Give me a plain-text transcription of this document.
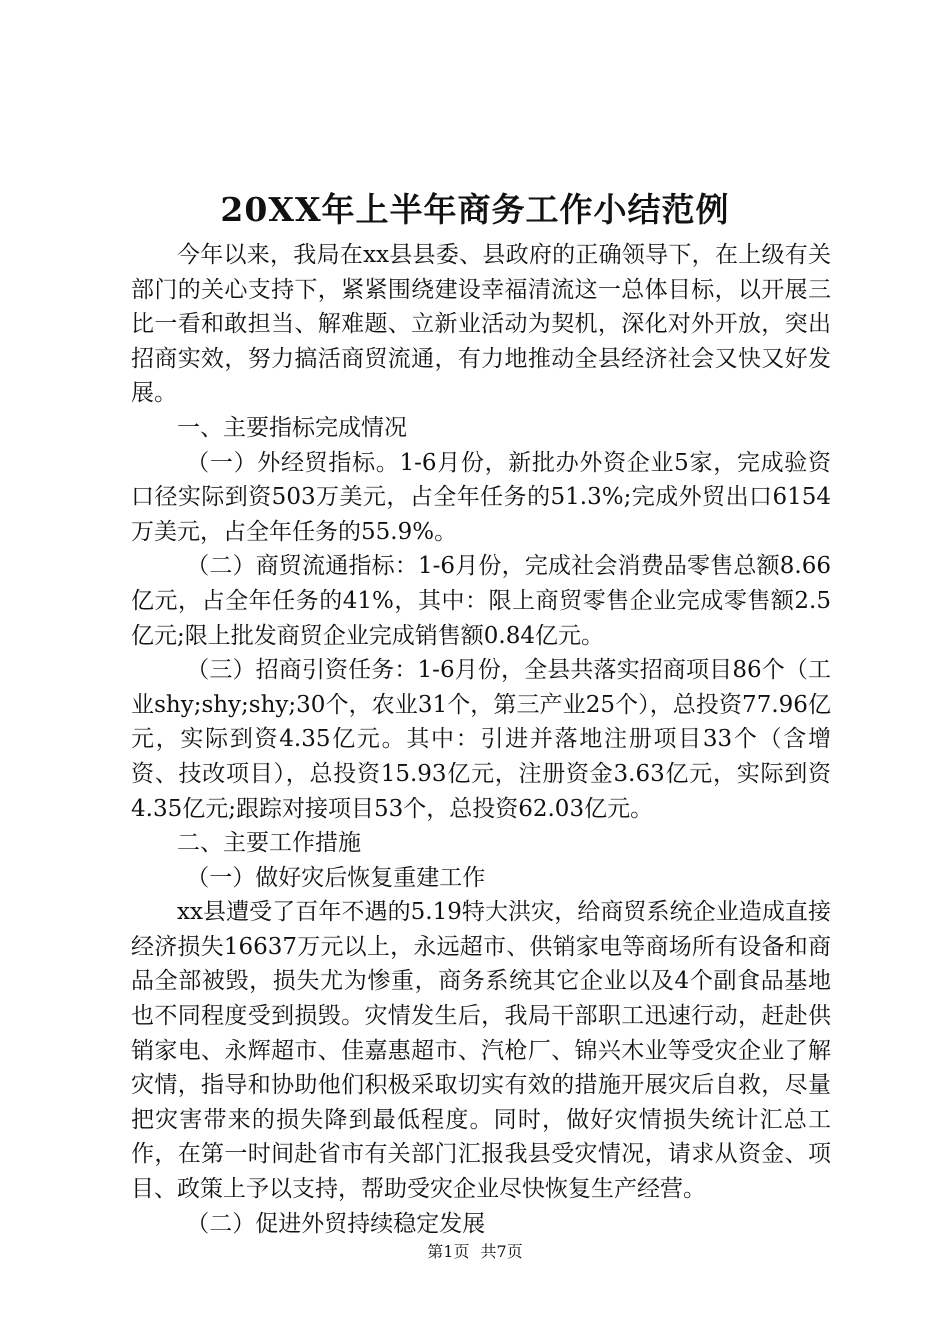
20XX年上半年商务工作小结范例

今年以来，我局在xx县县委、县政府的正确领导下，在上级有关部门的关心支持下，紧紧围绕建设幸福清流这一总体目标，以开展三比一看和敢担当、解难题、立新业活动为契机，深化对外开放，突出招商实效，努力搞活商贸流通，有力地推动全县经济社会又快又好发展。

一、主要指标完成情况

（一）外经贸指标。1-6月份，新批办外资企业5家，完成验资口径实际到资503万美元，占全年任务的51.3%;完成外贸出口6154万美元，占全年任务的55.9%。

（二）商贸流通指标：1-6月份，完成社会消费品零售总额8.66亿元，占全年任务的41%，其中：限上商贸零售企业完成零售额2.5亿元;限上批发商贸企业完成销售额0.84亿元。

（三）招商引资任务：1-6月份，全县共落实招商项目86个（工业shy;shy;shy;30个，农业31个，第三产业25个），总投资77.96亿元，实际到资4.35亿元。其中：引进并落地注册项目33个（含增资、技改项目），总投资15.93亿元，注册资金3.63亿元，实际到资4.35亿元;跟踪对接项目53个，总投资62.03亿元。

二、主要工作措施

（一）做好灾后恢复重建工作

xx县遭受了百年不遇的5.19特大洪灾，给商贸系统企业造成直接经济损失16637万元以上，永远超市、供销家电等商场所有设备和商品全部被毁，损失尤为惨重，商务系统其它企业以及4个副食品基地也不同程度受到损毁。灾情发生后，我局干部职工迅速行动，赶赴供销家电、永辉超市、佳嘉惠超市、汽枪厂、锦兴木业等受灾企业了解灾情，指导和协助他们积极采取切实有效的措施开展灾后自救，尽量把灾害带来的损失降到最低程度。同时，做好灾情损失统计汇总工作，在第一时间赴省市有关部门汇报我县受灾情况，请求从资金、项目、政策上予以支持，帮助受灾企业尽快恢复生产经营。

（二）促进外贸持续稳定发展

第1页 共7页
